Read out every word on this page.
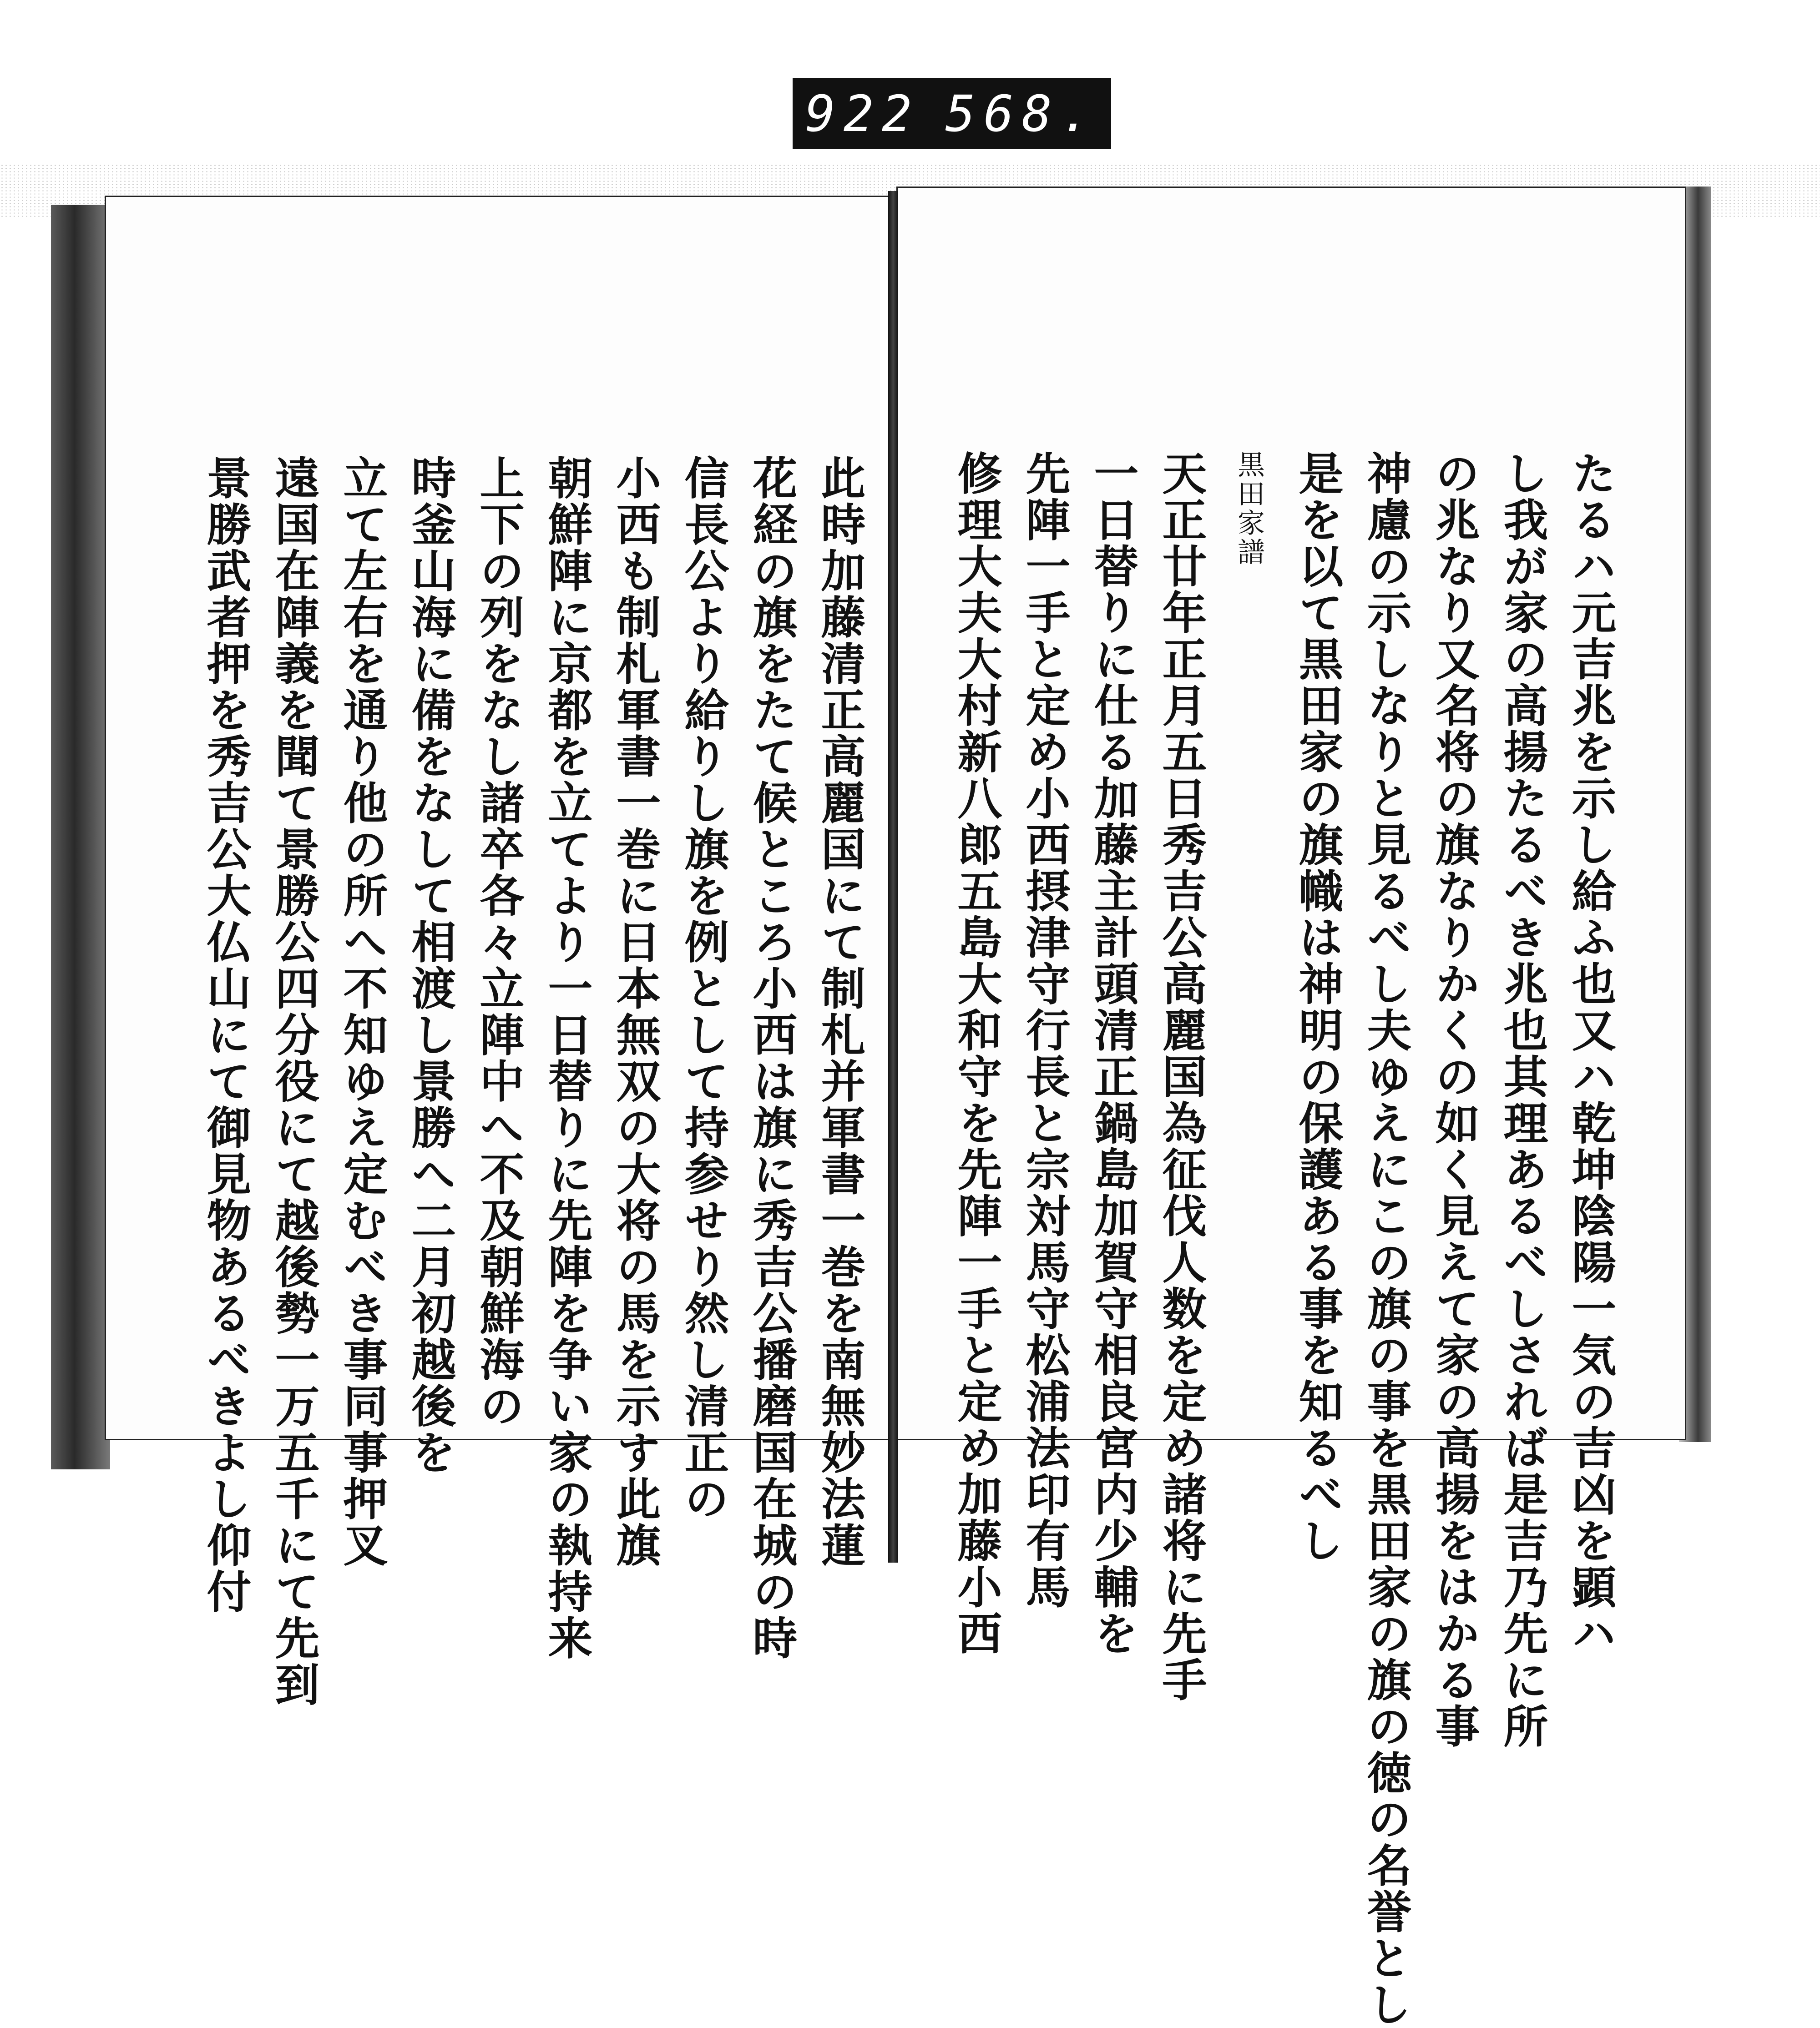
922 568.
たるハ元吉兆を示し給ふ也又ハ乾坤陰陽一気の吉凶を顕ハ
し我が家の高揚たるべき兆也其理あるべしされば是吉乃先に所
の兆なり又名将の旗なりかくの如く見えて家の高揚をはかる事
神慮の示しなりと見るべし夫ゆえにこの旗の事を黒田家の旗の徳の名誉とし
是を以て黒田家の旗幟は神明の保護ある事を知るべし
黒田家譜
天正廿年正月五日秀吉公高麗国為征伐人数を定め諸将に先手
一日替りに仕る加藤主計頭清正鍋島加賀守相良宮内少輔を
先陣一手と定め小西摂津守行長と宗対馬守松浦法印有馬
修理大夫大村新八郎五島大和守を先陣一手と定め加藤小西
此時加藤清正高麗国にて制札并軍書一巻を南無妙法蓮
花経の旗をたて候ところ小西は旗に秀吉公播磨国在城の時
信長公より給りし旗を例として持参せり然し清正の
小西も制札軍書一巻に日本無双の大将の馬を示す此旗
朝鮮陣に京都を立てより一日替りに先陣を争い家の執持来
上下の列をなし諸卒各々立陣中へ不及朝鮮海の
時釜山海に備をなして相渡し景勝へ二月初越後を
立て左右を通り他の所へ不知ゆえ定むべき事同事押叉
遠国在陣義を聞て景勝公四分役にて越後勢一万五千にて先到
景勝武者押を秀吉公大仏山にて御見物あるべきよし仰付
